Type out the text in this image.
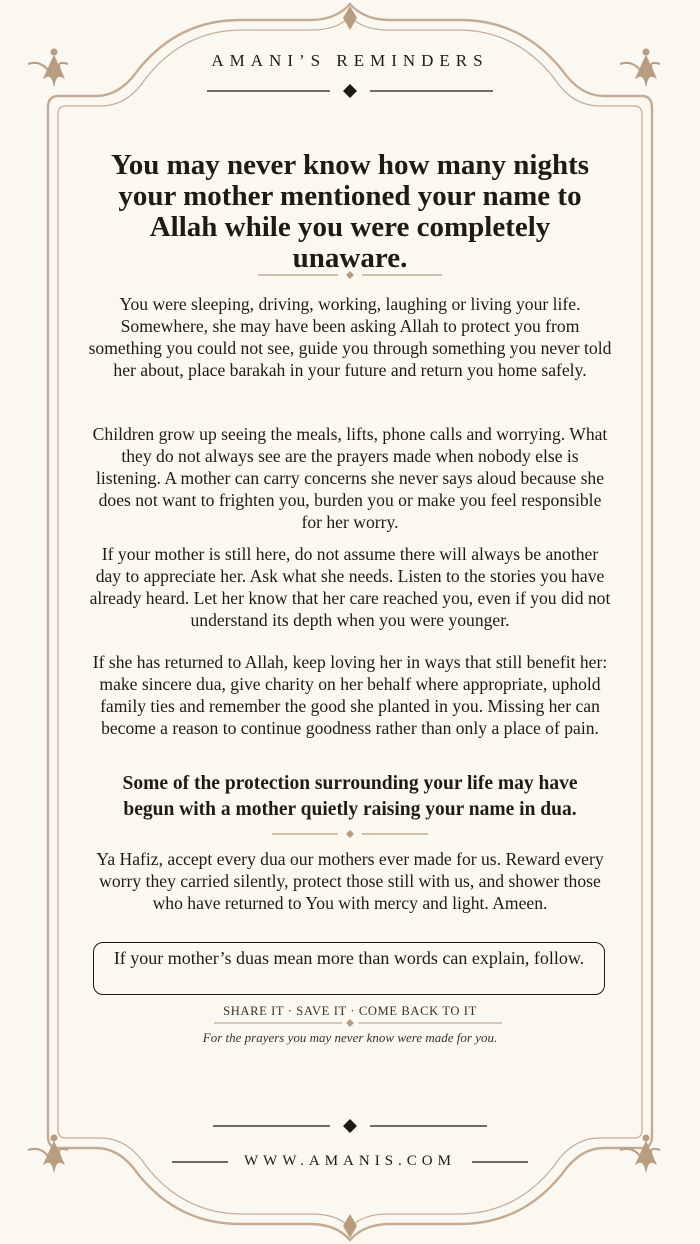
AMANI’S REMINDERS
You may never know how many nights your mother mentioned your name to Allah while you were completely unaware.
You were sleeping, driving, working, laughing or living your life. Somewhere, she may have been asking Allah to protect you from something you could not see, guide you through something you never told her about, place barakah in your future and return you home safely.
Children grow up seeing the meals, lifts, phone calls and worrying. What they do not always see are the prayers made when nobody else is listening. A mother can carry concerns she never says aloud because she does not want to frighten you, burden you or make you feel responsible for her worry.
If your mother is still here, do not assume there will always be another day to appreciate her. Ask what she needs. Listen to the stories you have already heard. Let her know that her care reached you, even if you did not understand its depth when you were younger.
If she has returned to Allah, keep loving her in ways that still benefit her: make sincere dua, give charity on her behalf where appropriate, uphold family ties and remember the good she planted in you. Missing her can become a reason to continue goodness rather than only a place of pain.
Some of the protection surrounding your life may have begun with a mother quietly raising your name in dua.
Ya Hafiz, accept every dua our mothers ever made for us. Reward every worry they carried silently, protect those still with us, and shower those who have returned to You with mercy and light. Ameen.
If your mother’s duas mean more than words can explain, follow.
SHARE IT · SAVE IT · COME BACK TO IT
For the prayers you may never know were made for you.
WWW.AMANIS.COM
